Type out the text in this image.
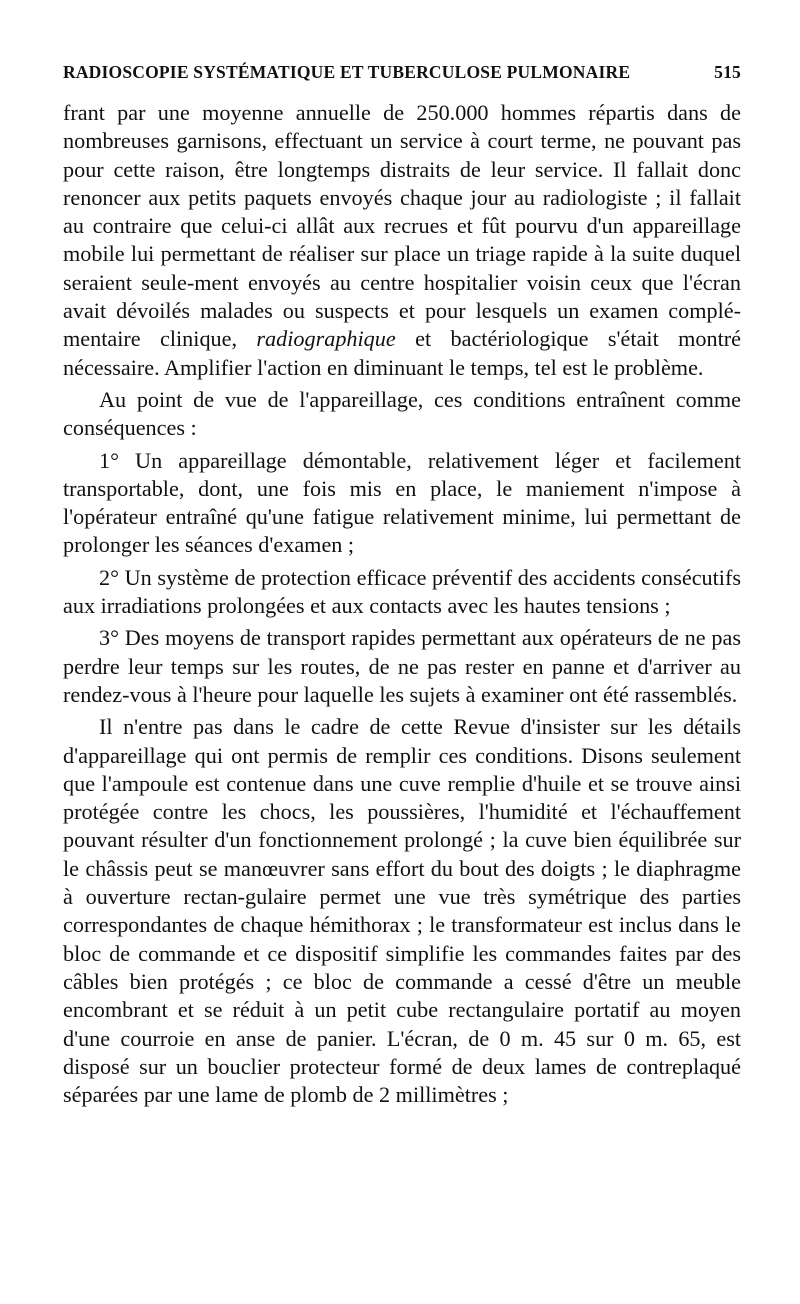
RADIOSCOPIE SYSTÉMATIQUE ET TUBERCULOSE PULMONAIRE	515

frant par une moyenne annuelle de 250.000 hommes répartis dans de nombreuses garnisons, effectuant un service à court terme, ne pouvant pas pour cette raison, être longtemps distraits de leur service. Il fallait donc renoncer aux petits paquets envoyés chaque jour au radiologiste ; il fallait au contraire que celui-ci allât aux recrues et fût pourvu d'un appareillage mobile lui permettant de réaliser sur place un triage rapide à la suite duquel seraient seule-ment envoyés au centre hospitalier voisin ceux que l'écran avait dévoilés malades ou suspects et pour lesquels un examen complé-mentaire clinique, radiographique et bactériologique s'était montré nécessaire. Amplifier l'action en diminuant le temps, tel est le problème.

Au point de vue de l'appareillage, ces conditions entraînent comme conséquences :

1° Un appareillage démontable, relativement léger et facilement transportable, dont, une fois mis en place, le maniement n'impose à l'opérateur entraîné qu'une fatigue relativement minime, lui permettant de prolonger les séances d'examen ;

2° Un système de protection efficace préventif des accidents consécutifs aux irradiations prolongées et aux contacts avec les hautes tensions ;

3° Des moyens de transport rapides permettant aux opérateurs de ne pas perdre leur temps sur les routes, de ne pas rester en panne et d'arriver au rendez-vous à l'heure pour laquelle les sujets à examiner ont été rassemblés.

Il n'entre pas dans le cadre de cette Revue d'insister sur les détails d'appareillage qui ont permis de remplir ces conditions. Disons seulement que l'ampoule est contenue dans une cuve remplie d'huile et se trouve ainsi protégée contre les chocs, les poussières, l'humidité et l'échauffement pouvant résulter d'un fonctionnement prolongé ; la cuve bien équilibrée sur le châssis peut se manœuvrer sans effort du bout des doigts ; le diaphragme à ouverture rectan-gulaire permet une vue très symétrique des parties correspondantes de chaque hémithorax ; le transformateur est inclus dans le bloc de commande et ce dispositif simplifie les commandes faites par des câbles bien protégés ; ce bloc de commande a cessé d'être un meuble encombrant et se réduit à un petit cube rectangulaire portatif au moyen d'une courroie en anse de panier. L'écran, de 0 m. 45 sur 0 m. 65, est disposé sur un bouclier protecteur formé de deux lames de contreplaqué séparées par une lame de plomb de 2 millimètres ;
